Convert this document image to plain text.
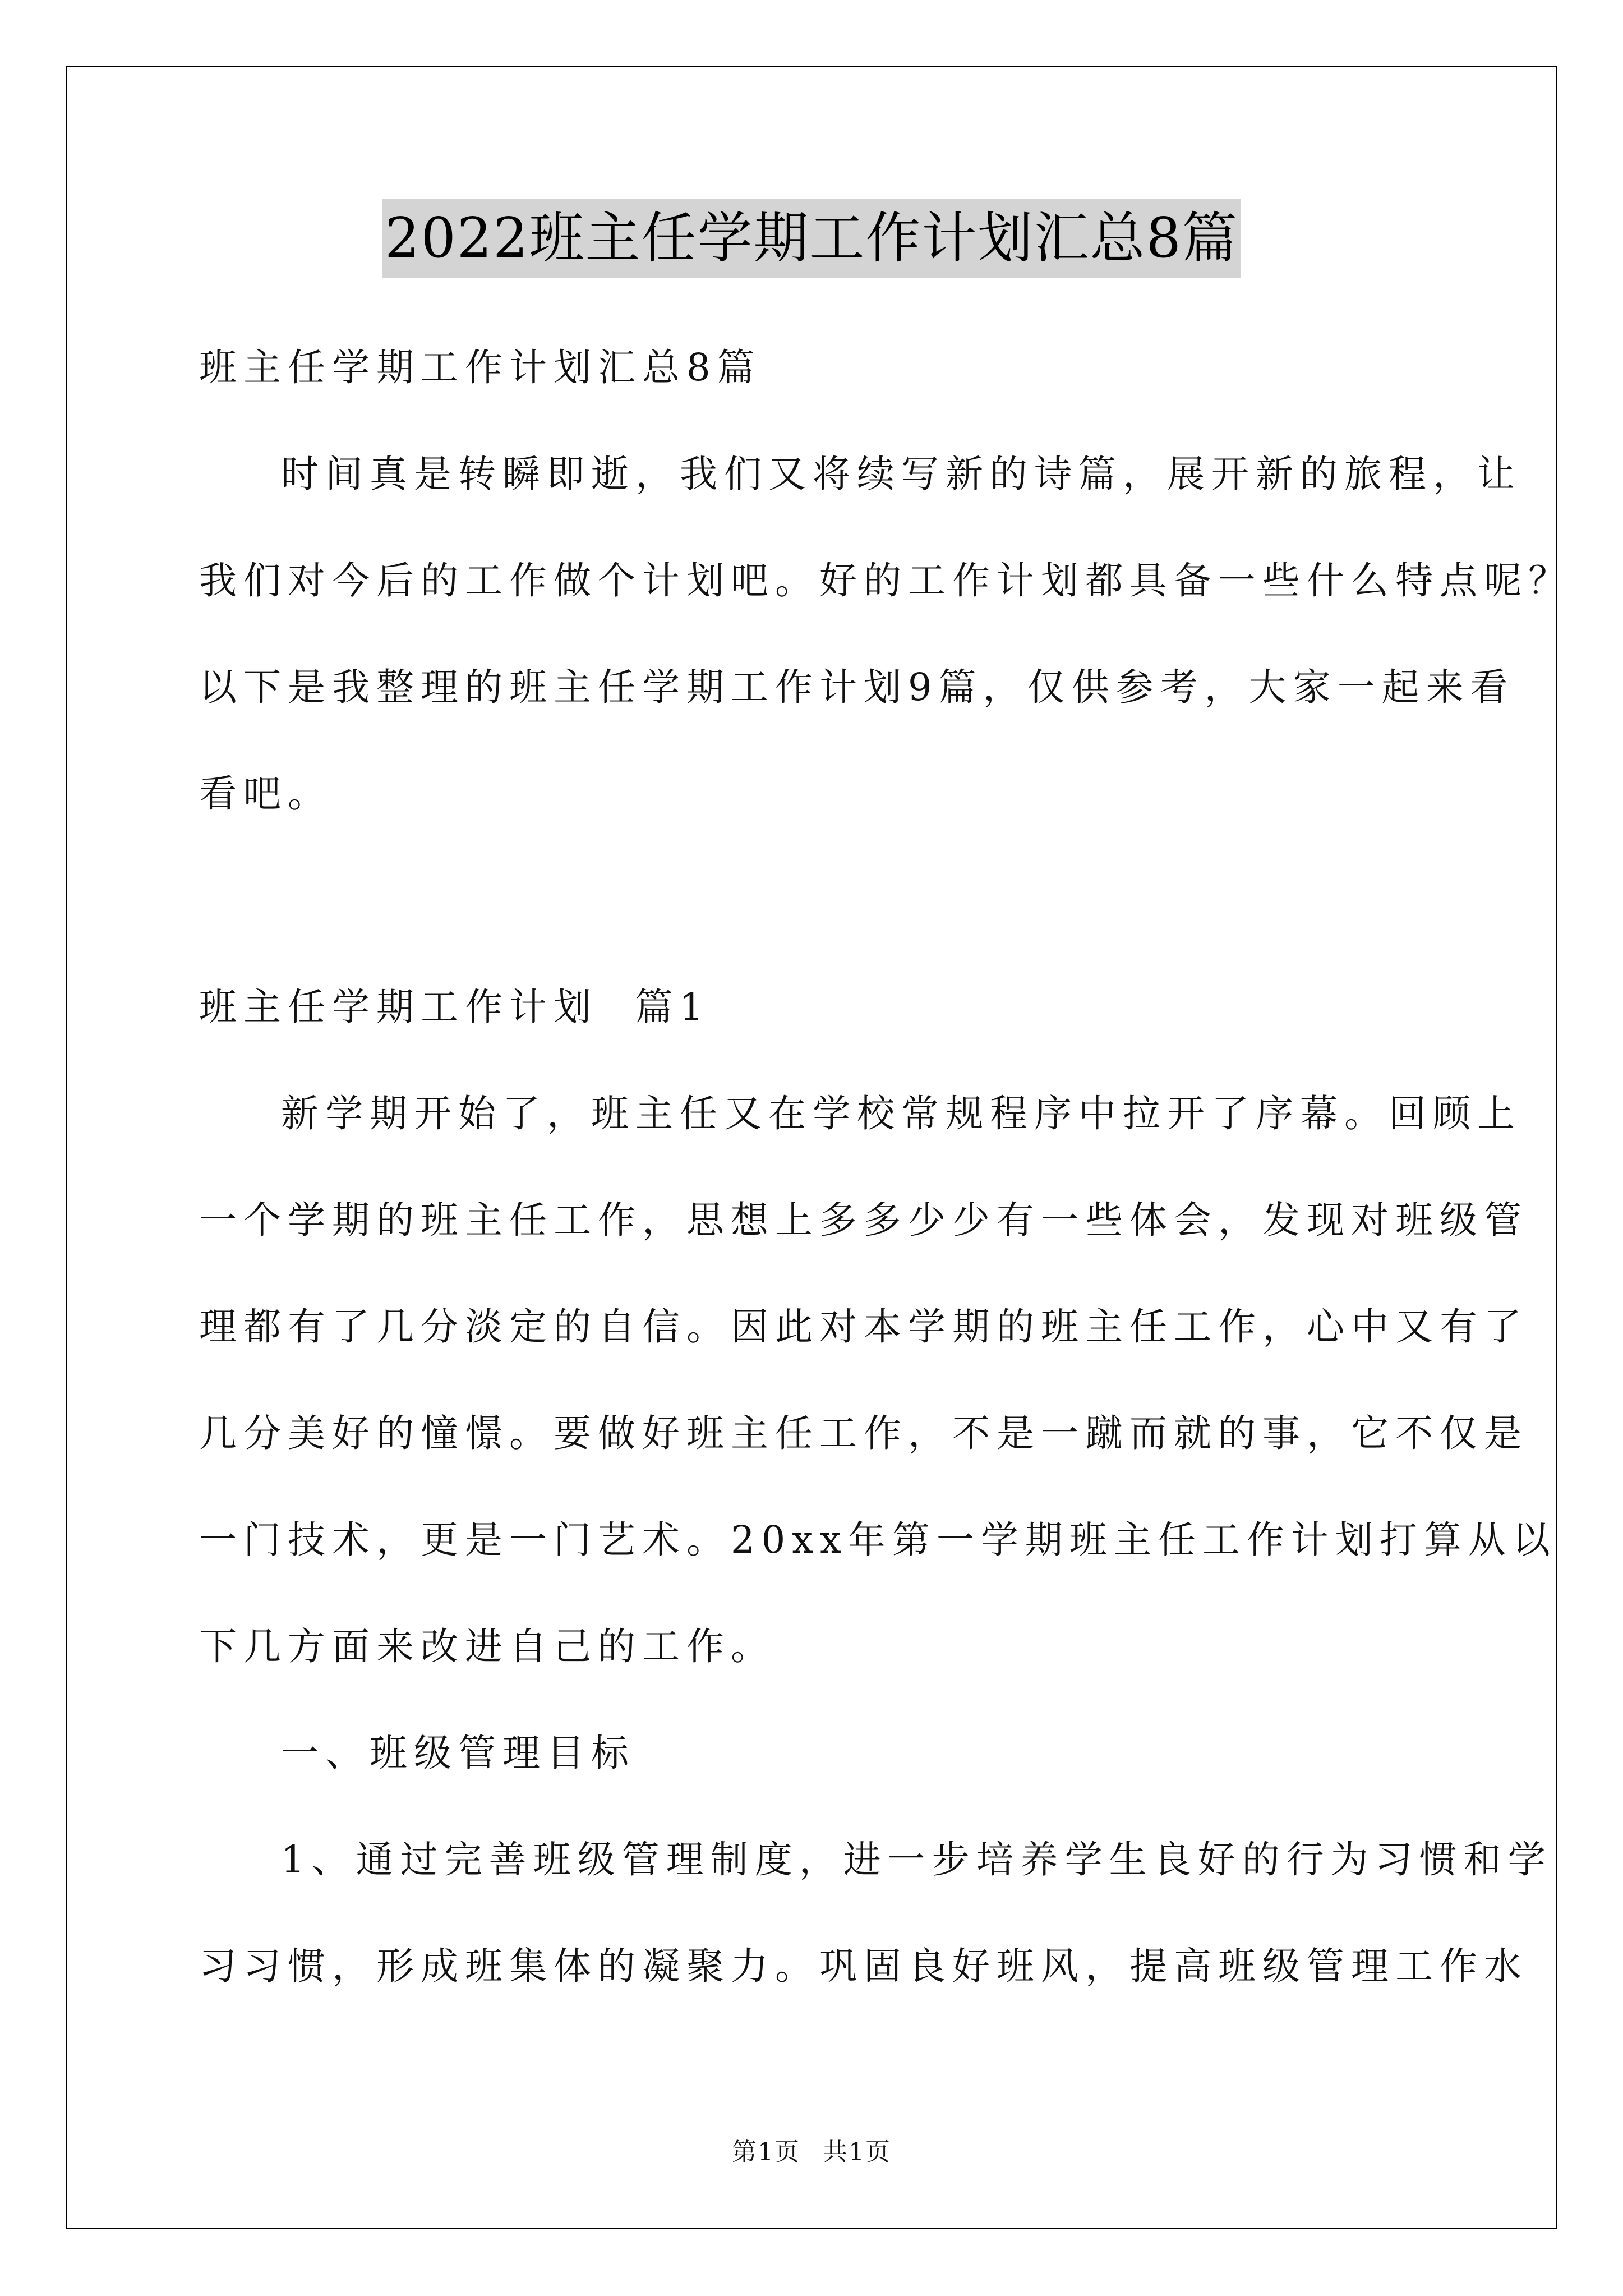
2022班主任学期工作计划汇总8篇
班主任学期工作计划汇总8篇
时间真是转瞬即逝，我们又将续写新的诗篇，展开新的旅程，让
我们对今后的工作做个计划吧。好的工作计划都具备一些什么特点呢？
以下是我整理的班主任学期工作计划9篇，仅供参考，大家一起来看
看吧。
班主任学期工作计划  篇1
新学期开始了，班主任又在学校常规程序中拉开了序幕。回顾上
一个学期的班主任工作，思想上多多少少有一些体会，发现对班级管
理都有了几分淡定的自信。因此对本学期的班主任工作，心中又有了
几分美好的憧憬。要做好班主任工作，不是一蹴而就的事，它不仅是
一门技术，更是一门艺术。20xx年第一学期班主任工作计划打算从以
下几方面来改进自己的工作。
一、班级管理目标
1、通过完善班级管理制度，进一步培养学生良好的行为习惯和学
习习惯，形成班集体的凝聚力。巩固良好班风，提高班级管理工作水
第1页 共1页
